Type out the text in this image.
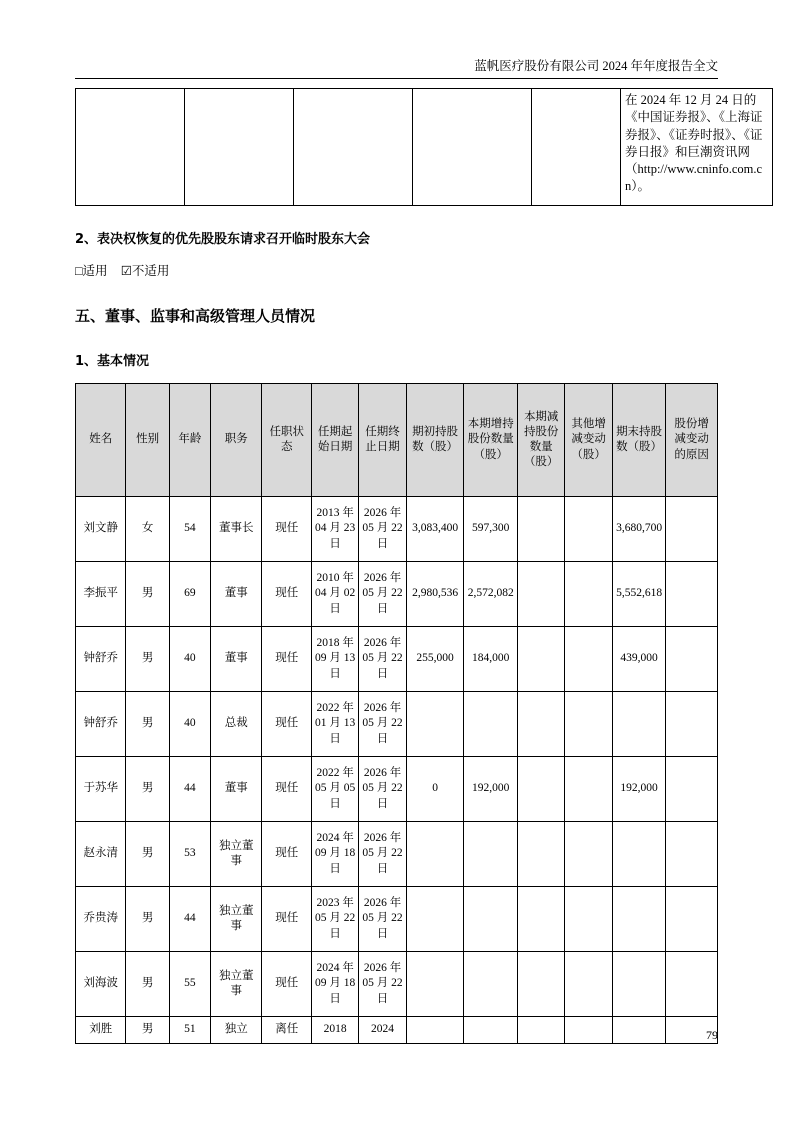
蓝帆医疗股份有限公司 2024 年年度报告全文
					在 2024 年 12 月 24 日的《中国证券报》、《上海证券报》、《证券时报》、《证券日报》和巨潮资讯网（http://www.cninfo.com.cn）。
2、表决权恢复的优先股股东请求召开临时股东大会
□适用 ☑不适用
五、董事、监事和高级管理人员情况
1、基本情况
姓名	性别	年龄	职务	任职状态	任期起始日期	任期终止日期	期初持股数（股）	本期增持股份数量（股）	本期减持股份数量（股）	其他增减变动（股）	期末持股数（股）	股份增减变动的原因
刘文静	女	54	董事长	现任	2013 年 04 月 23 日	2026 年 05 月 22 日	3,083,400	597,300			3,680,700	
李振平	男	69	董事	现任	2010 年 04 月 02 日	2026 年 05 月 22 日	2,980,536	2,572,082			5,552,618	
钟舒乔	男	40	董事	现任	2018 年 09 月 13 日	2026 年 05 月 22 日	255,000	184,000			439,000	
钟舒乔	男	40	总裁	现任	2022 年 01 月 13 日	2026 年 05 月 22 日						
于苏华	男	44	董事	现任	2022 年 05 月 05 日	2026 年 05 月 22 日	0	192,000			192,000	
赵永清	男	53	独立董事	现任	2024 年 09 月 18 日	2026 年 05 月 22 日						
乔贵涛	男	44	独立董事	现任	2023 年 05 月 22 日	2026 年 05 月 22 日						
刘海波	男	55	独立董事	现任	2024 年 09 月 18 日	2026 年 05 月 22 日						
刘胜	男	51	独立	离任	2018	2024							79
